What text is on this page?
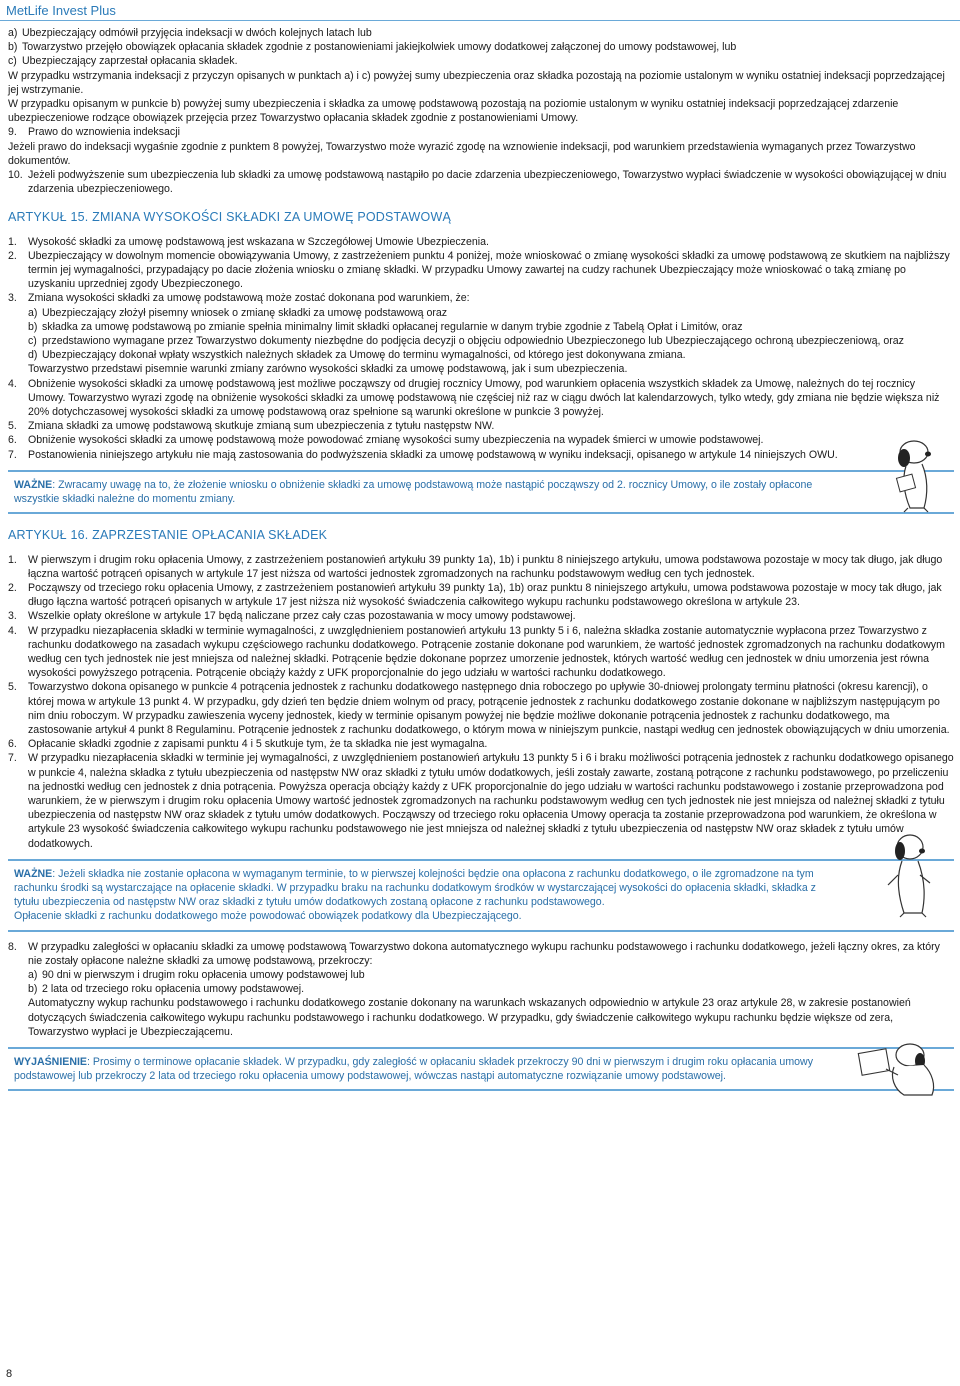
MetLife Invest Plus
a) Ubezpieczający odmówił przyjęcia indeksacji w dwóch kolejnych latach lub
b) Towarzystwo przejęło obowiązek opłacania składek zgodnie z postanowieniami jakiejkolwiek umowy dodatkowej załączonej do umowy podstawowej, lub
c) Ubezpieczający zaprzestał opłacania składek.

W przypadku wstrzymania indeksacji z przyczyn opisanych w punktach a) i c) powyżej sumy ubezpieczenia oraz składka pozostają na poziomie ustalonym w wyniku ostatniej indeksacji poprzedzającej jej wstrzymanie.

W przypadku opisanym w punkcie b) powyżej sumy ubezpieczenia i składka za umowę podstawową pozostają na poziomie ustalonym w wyniku ostatniej indeksacji poprzedzającej zdarzenie ubezpieczeniowe rodzące obowiązek przejęcia przez Towarzystwo opłacania składek zgodnie z postanowieniami Umowy.

9. Prawo do wznowienia indeksacji

Jeżeli prawo do indeksacji wygaśnie zgodnie z punktem 8 powyżej, Towarzystwo może wyrazić zgodę na wznowienie indeksacji, pod warunkiem przedstawienia wymaganych przez Towarzystwo dokumentów.

10. Jeżeli podwyższenie sum ubezpieczenia lub składki za umowę podstawową nastąpiło po dacie zdarzenia ubezpieczeniowego, Towarzystwo wypłaci świadczenie w wysokości obowiązującej w dniu zdarzenia ubezpieczeniowego.
ARTYKUŁ 15. ZMIANA WYSOKOŚCI SKŁADKI ZA UMOWĘ PODSTAWOWĄ
1. Wysokość składki za umowę podstawową jest wskazana w Szczegółowej Umowie Ubezpieczenia.
2. Ubezpieczający w dowolnym momencie obowiązywania Umowy, z zastrzeżeniem punktu 4 poniżej, może wnioskować o zmianę wysokości składki za umowę podstawową ze skutkiem na najbliższy termin jej wymagalności, przypadający po dacie złożenia wniosku o zmianę składki. W przypadku Umowy zawartej na cudzy rachunek Ubezpieczający może wnioskować o taką zmianę po uzyskaniu uprzedniej zgody Ubezpieczonego.
3. Zmiana wysokości składki za umowę podstawową może zostać dokonana pod warunkiem, że:
a) Ubezpieczający złożył pisemny wniosek o zmianę składki za umowę podstawową oraz
b) składka za umowę podstawową po zmianie spełnia minimalny limit składki opłacanej regularnie w danym trybie zgodnie z Tabelą Opłat i Limitów, oraz
c) przedstawiono wymagane przez Towarzystwo dokumenty niezbędne do podjęcia decyzji o objęciu odpowiednio Ubezpieczonego lub Ubezpieczającego ochroną ubezpieczeniową, oraz
d) Ubezpieczający dokonał wpłaty wszystkich należnych składek za Umowę do terminu wymagalności, od którego jest dokonywana zmiana.
Towarzystwo przedstawi pisemnie warunki zmiany zarówno wysokości składki za umowę podstawową, jak i sum ubezpieczenia.
4. Obniżenie wysokości składki za umowę podstawową jest możliwe począwszy od drugiej rocznicy Umowy, pod warunkiem opłacenia wszystkich składek za Umowę, należnych do tej rocznicy Umowy. Towarzystwo wyrazi zgodę na obniżenie wysokości składki za umowę podstawową nie częściej niż raz w ciągu dwóch lat kalendarzowych, tylko wtedy, gdy zmiana nie będzie większa niż 20% dotychczasowej wysokości składki za umowę podstawową oraz spełnione są warunki określone w punkcie 3 powyżej.
5. Zmiana składki za umowę podstawową skutkuje zmianą sum ubezpieczenia z tytułu następstw NW.
6. Obniżenie wysokości składki za umowę podstawową może powodować zmianę wysokości sumy ubezpieczenia na wypadek śmierci w umowie podstawowej.
7. Postanowienia niniejszego artykułu nie mają zastosowania do podwyższenia składki za umowę podstawową w wyniku indeksacji, opisanego w artykule 14 niniejszych OWU.
WAŻNE: Zwracamy uwagę na to, że złożenie wniosku o obniżenie składki za umowę podstawową może nastąpić począwszy od 2. rocznicy Umowy, o ile zostały opłacone wszystkie składki należne do momentu zmiany.
ARTYKUŁ 16. ZAPRZESTANIE OPŁACANIA SKŁADEK
1. W pierwszym i drugim roku opłacenia Umowy, z zastrzeżeniem postanowień artykułu 39 punkty 1a), 1b) i punktu 8 niniejszego artykułu, umowa podstawowa pozostaje w mocy tak długo, jak długo łączna wartość potrąceń opisanych w artykule 17 jest niższa od wartości jednostek zgromadzonych na rachunku podstawowym według cen tych jednostek.
2. Począwszy od trzeciego roku opłacenia Umowy, z zastrzeżeniem postanowień artykułu 39 punkty 1a), 1b) oraz punktu 8 niniejszego artykułu, umowa podstawowa pozostaje w mocy tak długo, jak długo łączna wartość potrąceń opisanych w artykule 17 jest niższa niż wysokość świadczenia całkowitego wykupu rachunku podstawowego określona w artykule 23.
3. Wszelkie opłaty określone w artykule 17 będą naliczane przez cały czas pozostawania w mocy umowy podstawowej.
4. W przypadku niezapłacenia składki w terminie wymagalności, z uwzględnieniem postanowień artykułu 13 punkty 5 i 6, należna składka zostanie automatycznie wypłacona przez Towarzystwo z rachunku dodatkowego na zasadach wykupu częściowego rachunku dodatkowego. Potrącenie zostanie dokonane pod warunkiem, że wartość jednostek zgromadzonych na rachunku dodatkowym według cen tych jednostek nie jest mniejsza od należnej składki. Potrącenie będzie dokonane poprzez umorzenie jednostek, których wartość według cen jednostek w dniu umorzenia jest równa wysokości powyższego potrącenia. Potrącenie obciąży każdy z UFK proporcjonalnie do jego udziału w wartości rachunku dodatkowego.
5. Towarzystwo dokona opisanego w punkcie 4 potrącenia jednostek z rachunku dodatkowego następnego dnia roboczego po upływie 30-dniowej prolongaty terminu płatności (okresu karencji), o której mowa w artykule 13 punkt 4. W przypadku, gdy dzień ten będzie dniem wolnym od pracy, potrącenie jednostek z rachunku dodatkowego zostanie dokonane w najbliższym następującym po nim dniu roboczym. W przypadku zawieszenia wyceny jednostek, kiedy w terminie opisanym powyżej nie będzie możliwe dokonanie potrącenia jednostek z rachunku dodatkowego, ma zastosowanie artykuł 4 punkt 8 Regulaminu. Potrącenie jednostek z rachunku dodatkowego, o którym mowa w niniejszym punkcie, nastąpi według cen jednostek obowiązujących w dniu umorzenia.
6. Opłacanie składki zgodnie z zapisami punktu 4 i 5 skutkuje tym, że ta składka nie jest wymagalna.
7. W przypadku niezapłacenia składki w terminie jej wymagalności, z uwzględnieniem postanowień artykułu 13 punkty 5 i 6 i braku możliwości potrącenia jednostek z rachunku dodatkowego opisanego w punkcie 4, należna składka z tytułu ubezpieczenia od następstw NW oraz składki z tytułu umów dodatkowych, jeśli zostały zawarte, zostaną potrącone z rachunku podstawowego, po przeliczeniu na jednostki według cen jednostek z dnia potrącenia. Powyższa operacja obciąży każdy z UFK proporcjonalnie do jego udziału w wartości rachunku podstawowego i zostanie przeprowadzona pod warunkiem, że w pierwszym i drugim roku opłacenia Umowy wartość jednostek zgromadzonych na rachunku podstawowym według cen tych jednostek nie jest mniejsza od należnej składki z tytułu ubezpieczenia od następstw NW oraz składek z tytułu umów dodatkowych. Począwszy od trzeciego roku opłacenia Umowy operacja ta zostanie przeprowadzona pod warunkiem, że określona w artykule 23 wysokość świadczenia całkowitego wykupu rachunku podstawowego nie jest mniejsza od należnej składki z tytułu ubezpieczenia od następstw NW oraz składek z tytułu umów dodatkowych.
WAŻNE: Jeżeli składka nie zostanie opłacona w wymaganym terminie, to w pierwszej kolejności będzie ona opłacona z rachunku dodatkowego, o ile zgromadzone na tym rachunku środki są wystarczające na opłacenie składki. W przypadku braku na rachunku dodatkowym środków w wystarczającej wysokości do opłacenia składki, składka z tytułu ubezpieczenia od następstw NW oraz składki z tytułu umów dodatkowych zostaną opłacone z rachunku podstawowego.
Opłacenie składki z rachunku dodatkowego może powodować obowiązek podatkowy dla Ubezpieczającego.
8. W przypadku zaległości w opłacaniu składki za umowę podstawową Towarzystwo dokona automatycznego wykupu rachunku podstawowego i rachunku dodatkowego, jeżeli łączny okres, za który nie zostały opłacone należne składki za umowę podstawową, przekroczy:
a) 90 dni w pierwszym i drugim roku opłacenia umowy podstawowej lub
b) 2 lata od trzeciego roku opłacenia umowy podstawowej.
Automatyczny wykup rachunku podstawowego i rachunku dodatkowego zostanie dokonany na warunkach wskazanych odpowiednio w artykule 23 oraz artykule 28, w zakresie postanowień dotyczących świadczenia całkowitego wykupu rachunku podstawowego i rachunku dodatkowego. W przypadku, gdy świadczenie całkowitego wykupu rachunku będzie większe od zera, Towarzystwo wypłaci je Ubezpieczającemu.
WYJAŚNIENIE: Prosimy o terminowe opłacanie składek. W przypadku, gdy zaległość w opłacaniu składek przekroczy 90 dni w pierwszym i drugim roku opłacania umowy podstawowej lub przekroczy 2 lata od trzeciego roku opłacenia umowy podstawowej, wówczas nastąpi automatyczne rozwiązanie umowy podstawowej.
8
